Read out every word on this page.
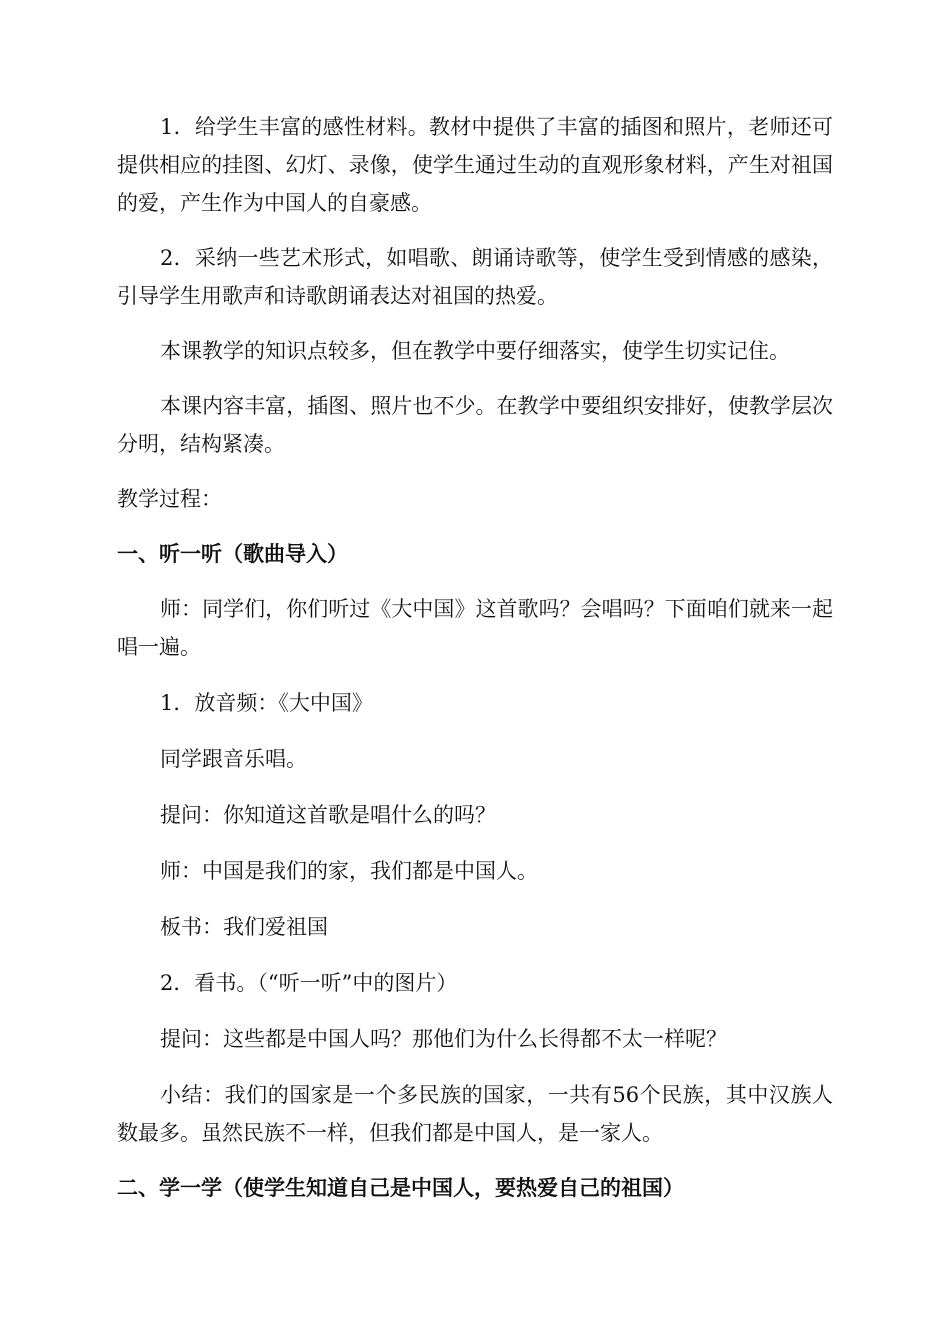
1．给学生丰富的感性材料。教材中提供了丰富的插图和照片，老师还可提供相应的挂图、幻灯、录像，使学生通过生动的直观形象材料，产生对祖国的爱，产生作为中国人的自豪感。

2．采纳一些艺术形式，如唱歌、朗诵诗歌等，使学生受到情感的感染，引导学生用歌声和诗歌朗诵表达对祖国的热爱。

本课教学的知识点较多，但在教学中要仔细落实，使学生切实记住。

本课内容丰富，插图、照片也不少。在教学中要组织安排好，使教学层次分明，结构紧凑。

教学过程：

一、听一听（歌曲导入）

师：同学们，你们听过《大中国》这首歌吗？会唱吗？下面咱们就来一起唱一遍。

1．放音频：《大中国》

同学跟音乐唱。

提问：你知道这首歌是唱什么的吗？

师：中国是我们的家，我们都是中国人。

板书：我们爱祖国

2．看书。（“听一听”中的图片）

提问：这些都是中国人吗？那他们为什么长得都不太一样呢？

小结：我们的国家是一个多民族的国家，一共有56个民族，其中汉族人数最多。虽然民族不一样，但我们都是中国人，是一家人。

二、学一学（使学生知道自己是中国人，要热爱自己的祖国）
